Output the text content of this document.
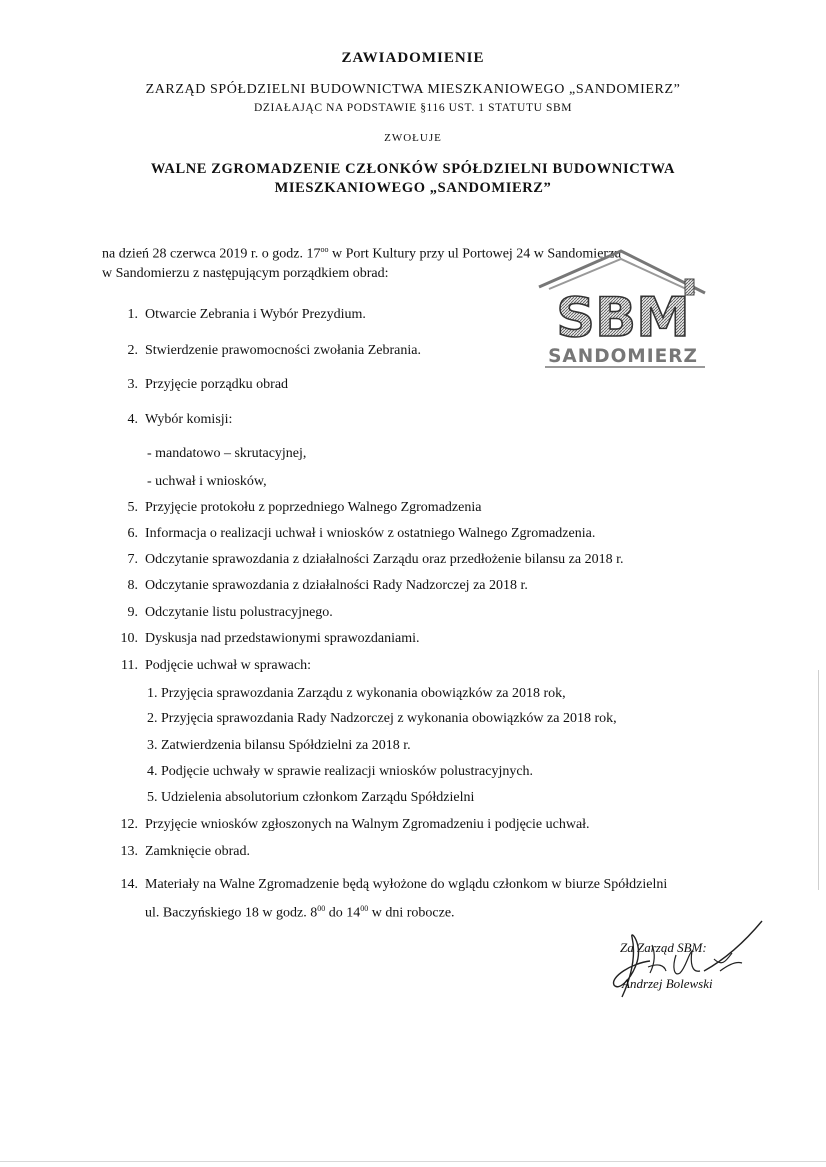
ZAWIADOMIENIE
ZARZĄD SPÓŁDZIELNI BUDOWNICTWA MIESZKANIOWEGO „SANDOMIERZ”
DZIAŁAJĄC NA PODSTAWIE §116 UST. 1 STATUTU SBM
ZWOŁUJE
WALNE ZGROMADZENIE CZŁONKÓW SPÓŁDZIELNI BUDOWNICTWA
MIESZKANIOWEGO „SANDOMIERZ”
na dzień 28 czerwca 2019 r. o godz. $17^{oo}$ w Port Kultury przy ul Portowej 24 w Sandomierzu
w Sandomierzu z następującym porządkiem obrad:
1. Otwarcie Zebrania i Wybór Prezydium.
2. Stwierdzenie prawomocności zwołania Zebrania.
3. Przyjęcie porządku obrad
4. Wybór komisji:
- mandatowo – skrutacyjnej,
- uchwał i wniosków,
5. Przyjęcie protokołu z poprzedniego Walnego Zgromadzenia
6. Informacja o realizacji uchwał i wniosków z ostatniego Walnego Zgromadzenia.
7. Odczytanie sprawozdania z działalności Zarządu oraz przedłożenie bilansu za 2018 r.
8. Odczytanie sprawozdania z działalności Rady Nadzorczej za 2018 r.
9. Odczytanie listu polustracyjnego.
10. Dyskusja nad przedstawionymi sprawozdaniami.
11. Podjęcie uchwał w sprawach:
1. Przyjęcia sprawozdania Zarządu z wykonania obowiązków za 2018 rok,
2. Przyjęcia sprawozdania Rady Nadzorczej z wykonania obowiązków za 2018 rok,
3. Zatwierdzenia bilansu Spółdzielni za 2018 r.
4. Podjęcie uchwały w sprawie realizacji wniosków polustracyjnych.
5. Udzielenia absolutorium członkom Zarządu Spółdzielni
12. Przyjęcie wniosków zgłoszonych na Walnym Zgromadzeniu i podjęcie uchwał.
13. Zamknięcie obrad.
14. Materiały na Walne Zgromadzenie będą wyłożone do wglądu członkom w biurze Spółdzielni
ul. Baczyńskiego 18 w godz. $8^{00}$ do $14^{00}$ w dni robocze.
SBM
SANDOMIERZ
Za Zarząd SBM:
Andrzej Bolewski
